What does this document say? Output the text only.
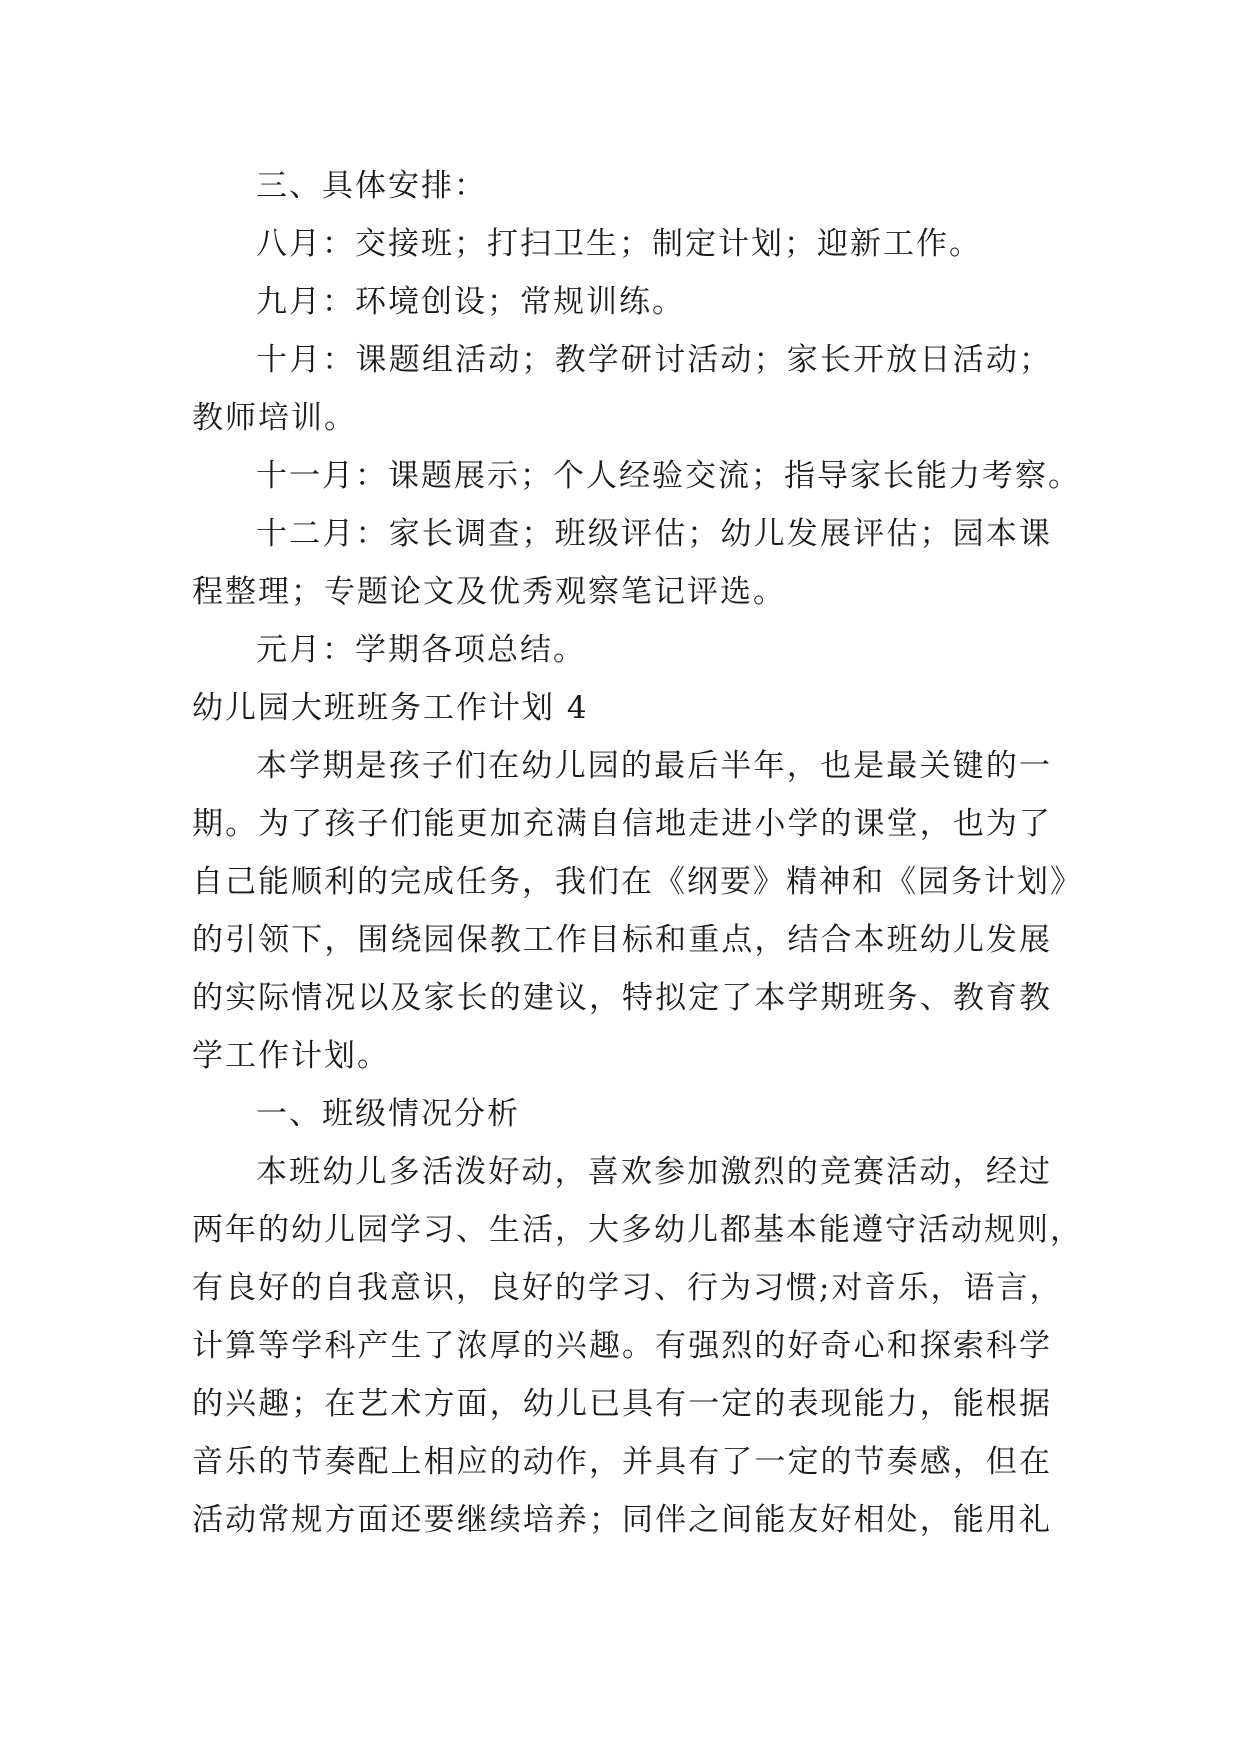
三、具体安排：
八月：交接班；打扫卫生；制定计划；迎新工作。
九月：环境创设；常规训练。
十月：课题组活动；教学研讨活动；家长开放日活动；
教师培训。
十一月：课题展示；个人经验交流；指导家长能力考察。
十二月：家长调查；班级评估；幼儿发展评估；园本课
程整理；专题论文及优秀观察笔记评选。
元月：学期各项总结。
幼儿园大班班务工作计划 4
本学期是孩子们在幼儿园的最后半年，也是最关键的一
期。为了孩子们能更加充满自信地走进小学的课堂，也为了
自己能顺利的完成任务，我们在《纲要》精神和《园务计划》
的引领下，围绕园保教工作目标和重点，结合本班幼儿发展
的实际情况以及家长的建议，特拟定了本学期班务、教育教
学工作计划。
一、班级情况分析
本班幼儿多活泼好动，喜欢参加激烈的竞赛活动，经过
两年的幼儿园学习、生活，大多幼儿都基本能遵守活动规则，
有良好的自我意识，良好的学习、行为习惯;对音乐，语言，
计算等学科产生了浓厚的兴趣。有强烈的好奇心和探索科学
的兴趣；在艺术方面，幼儿已具有一定的表现能力，能根据
音乐的节奏配上相应的动作，并具有了一定的节奏感，但在
活动常规方面还要继续培养；同伴之间能友好相处，能用礼
